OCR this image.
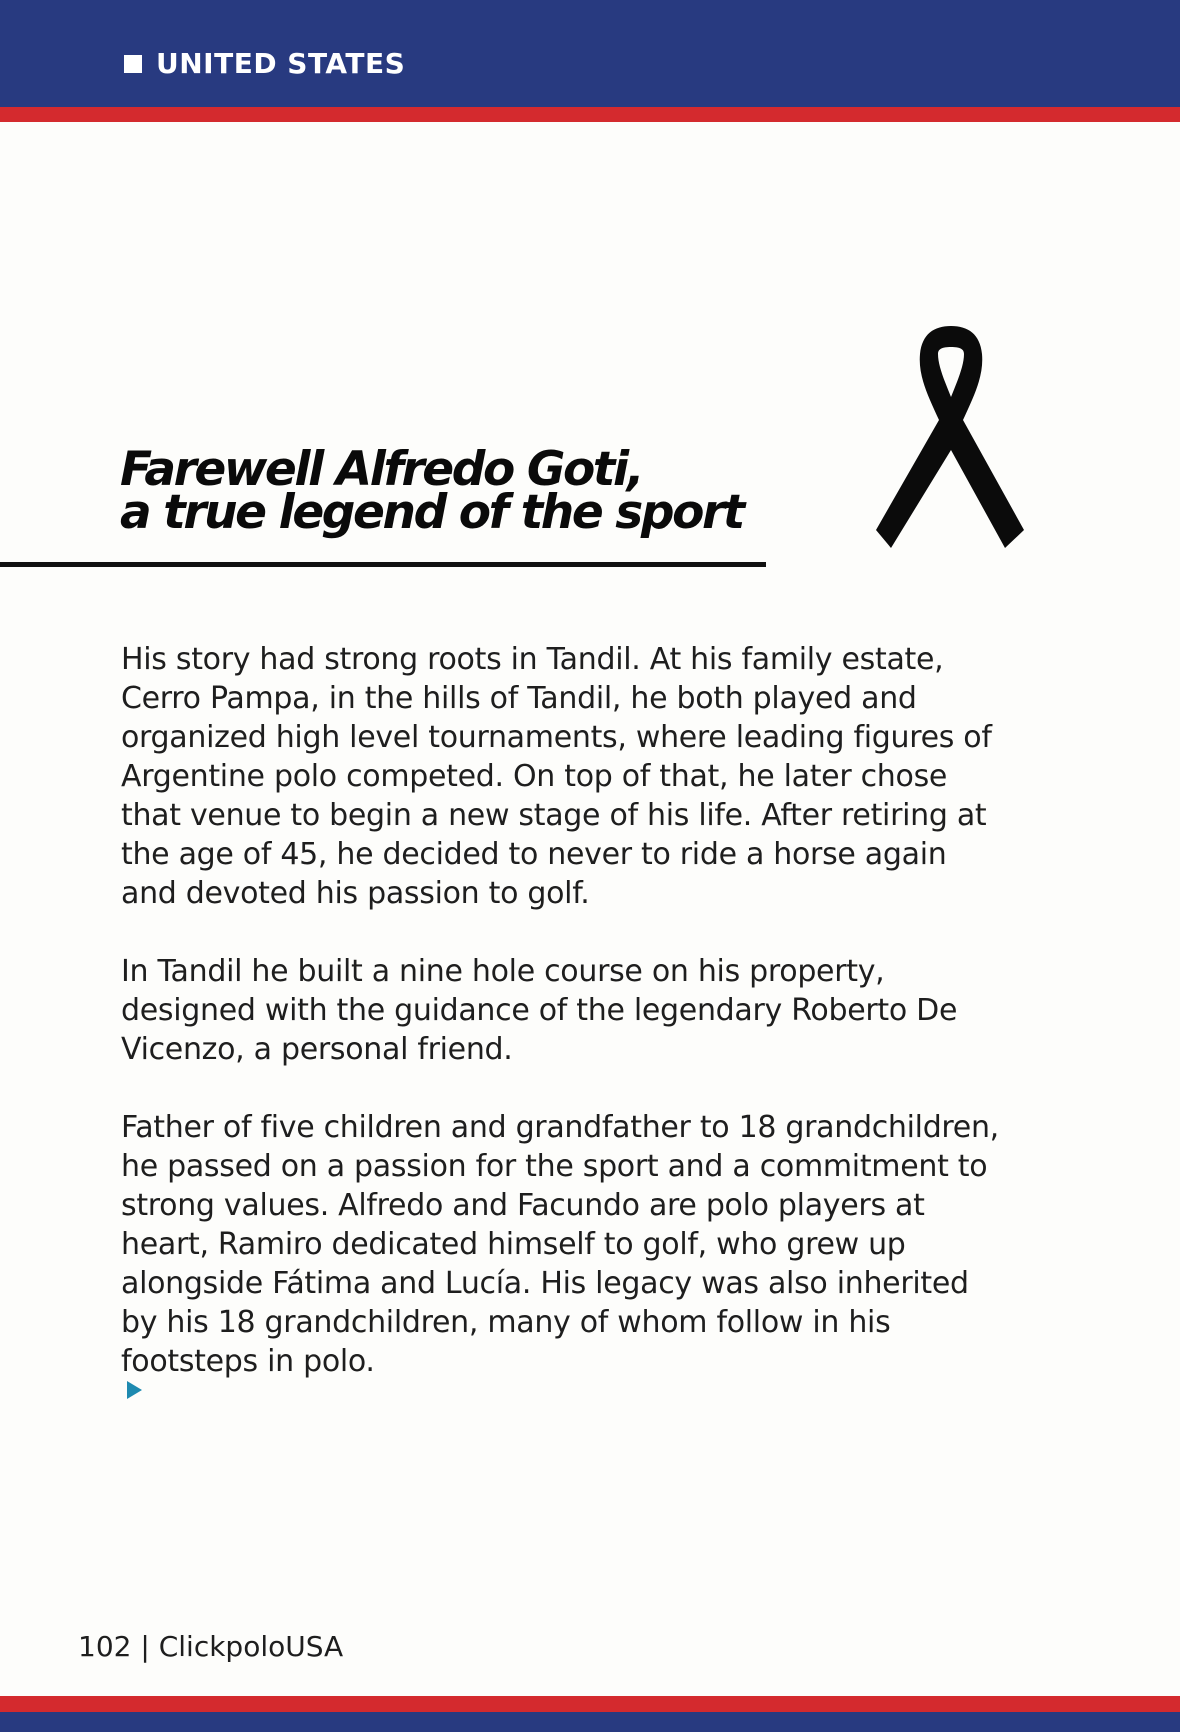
UNITED STATES
Farewell Alfredo Goti,
a true legend of the sport

His story had strong roots in Tandil. At his family estate,
Cerro Pampa, in the hills of Tandil, he both played and
organized high level tournaments, where leading figures of
Argentine polo competed. On top of that, he later chose
that venue to begin a new stage of his life. After retiring at
the age of 45, he decided to never to ride a horse again
and devoted his passion to golf.

In Tandil he built a nine hole course on his property,
designed with the guidance of the legendary Roberto De
Vicenzo, a personal friend.

Father of five children and grandfather to 18 grandchildren,
he passed on a passion for the sport and a commitment to
strong values. Alfredo and Facundo are polo players at
heart, Ramiro dedicated himself to golf, who grew up
alongside Fátima and Lucía. His legacy was also inherited
by his 18 grandchildren, many of whom follow in his
footsteps in polo.

102 | ClickpoloUSA
